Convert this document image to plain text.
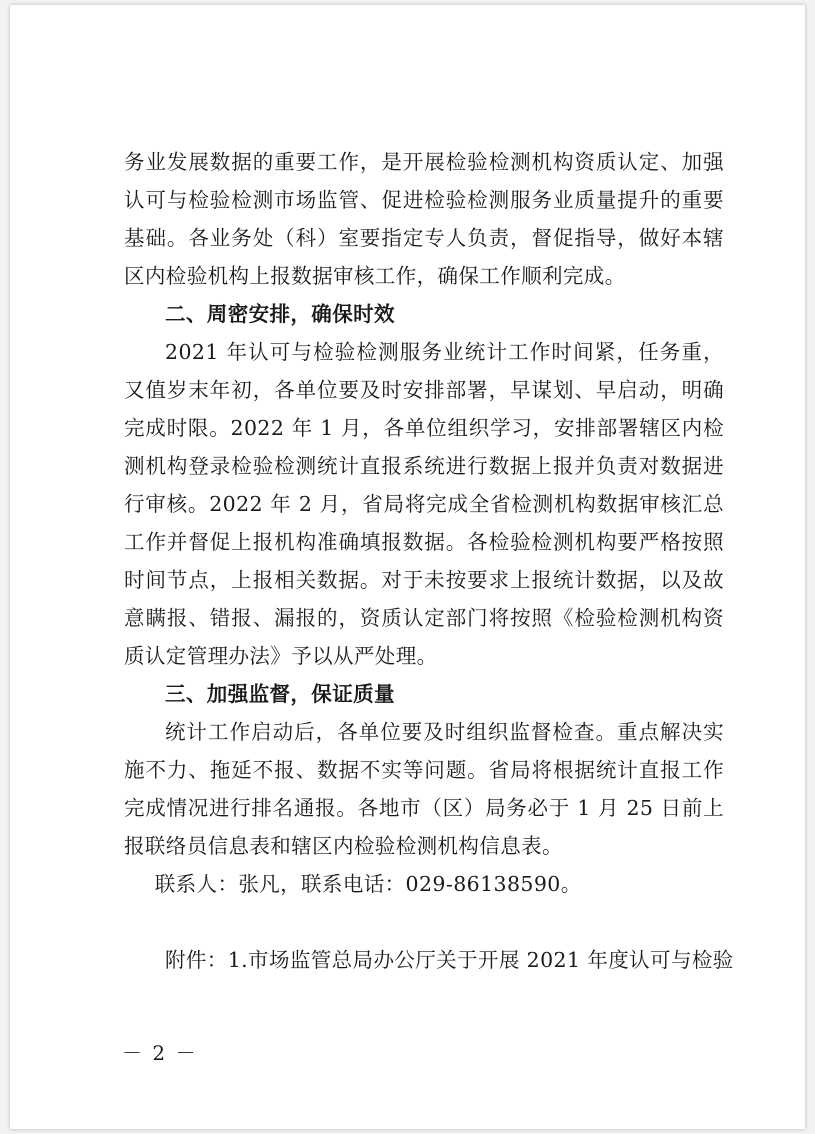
务业发展数据的重要工作，是开展检验检测机构资质认定、加强认可与检验检测市场监管、促进检验检测服务业质量提升的重要基础。各业务处（科）室要指定专人负责，督促指导，做好本辖区内检验机构上报数据审核工作，确保工作顺利完成。

二、周密安排，确保时效

2021 年认可与检验检测服务业统计工作时间紧，任务重，又值岁末年初，各单位要及时安排部署，早谋划、早启动，明确完成时限。2022 年 1 月，各单位组织学习，安排部署辖区内检测机构登录检验检测统计直报系统进行数据上报并负责对数据进行审核。2022 年 2 月，省局将完成全省检测机构数据审核汇总工作并督促上报机构准确填报数据。各检验检测机构要严格按照时间节点，上报相关数据。对于未按要求上报统计数据，以及故意瞒报、错报、漏报的，资质认定部门将按照《检验检测机构资质认定管理办法》予以从严处理。

三、加强监督，保证质量

统计工作启动后，各单位要及时组织监督检查。重点解决实施不力、拖延不报、数据不实等问题。省局将根据统计直报工作完成情况进行排名通报。各地市（区）局务必于 1 月 25 日前上报联络员信息表和辖区内检验检测机构信息表。

联系人：张凡，联系电话：029-86138590。

附件：1.市场监管总局办公厅关于开展 2021 年度认可与检验

－ 2 －
